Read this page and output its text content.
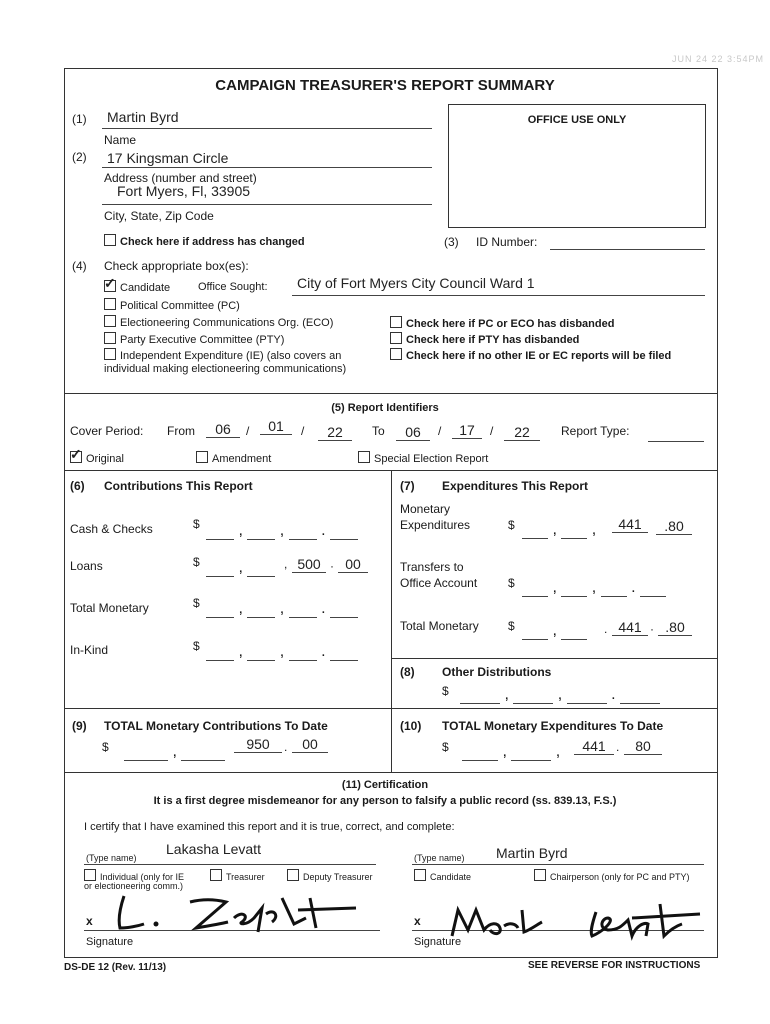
JUN 24 22 3:54PM
CAMPAIGN TREASURER'S REPORT SUMMARY
OFFICE USE ONLY
(1) Martin Byrd
Name
(2) 17 Kingsman Circle
Address (number and street)
Fort Myers, Fl, 33905
City, State, Zip Code
Check here if address has changed	(3) ID Number:
(4) Check appropriate box(es):
✓Candidate	Office Sought: City of Fort Myers City Council Ward 1
Political Committee (PC)
Electioneering Communications Org. (ECO)
Party Executive Committee (PTY)
Independent Expenditure (IE) (also covers an
individual making electioneering communications)
Check here if PC or ECO has disbanded
Check here if PTY has disbanded
Check here if no other IE or EC reports will be filed
(5) Report Identifiers
Cover Period: From	06	/	01	/	22	To	06	/	17	/	22	Report Type:
✓Original	Amendment	Special Election Report
(6) Contributions This Report
Cash & Checks	$	,  ,  .
Loans	$	,	, 500 · 00
Total Monetary	$	,  ,  .
In-Kind	$	,  ,  .
(7) Expenditures This Report
Monetary
Expenditures	$	,  ,	441	.80
Transfers to
Office Account	$	,  ,  .
Total Monetary $	,	. 441 · .80
(8) Other Distributions
$	,	,	.
(9) TOTAL Monetary Contributions To Date
$	,	950	.	00
(10) TOTAL Monetary Expenditures To Date
$	,	,	441 .	80
(11) Certification
It is a first degree misdemeanor for any person to falsify a public record (ss. 839.13, F.S.)
I certify that I have examined this report and it is true, correct, and complete:
(Type name)
Lakasha Levatt
Individual (only for IE
or electioneering comm.)
Treasurer	Deputy Treasurer
x
Signature
(Type name) Martin Byrd
Candidate	Chairperson (only for PC and PTY)
x
Signature
DS-DE 12 (Rev. 11/13)	SEE REVERSE FOR INSTRUCTIONS
